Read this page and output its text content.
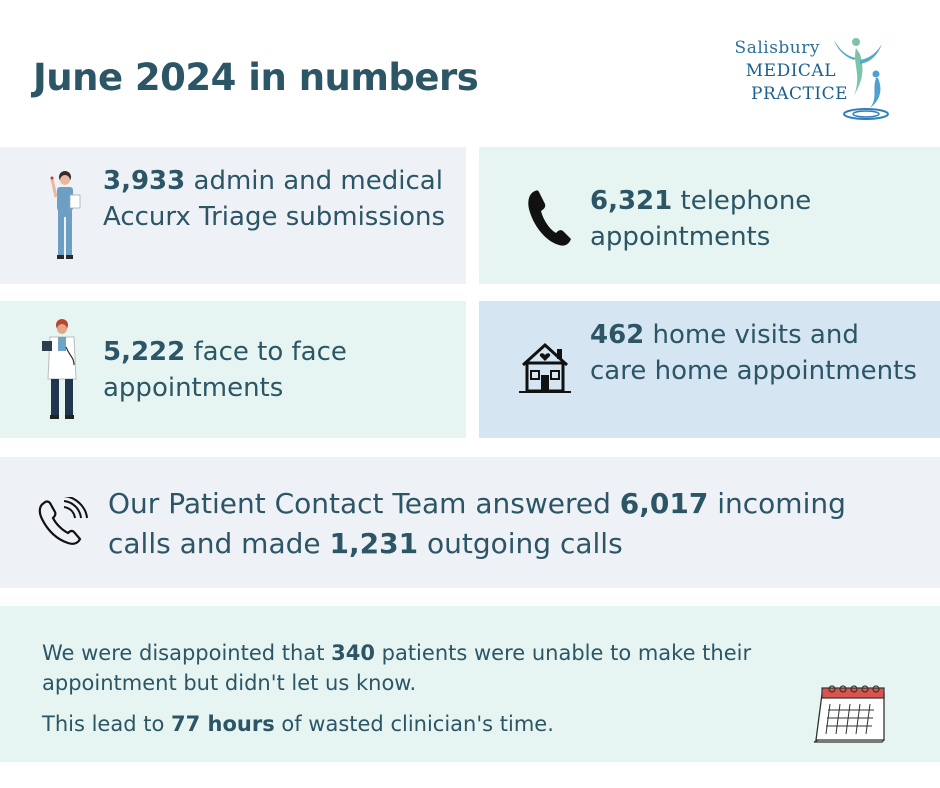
June 2024 in numbers
Salisbury
MEDICAL
PRACTICE
3,933 admin and medical Accurx Triage submissions
6,321 telephone appointments
5,222 face to face appointments
462 home visits and care home appointments
Our Patient Contact Team answered 6,017 incoming calls and made 1,231 outgoing calls
We were disappointed that 340 patients were unable to make their appointment but didn't let us know.
This lead to 77 hours of wasted clinician's time.
